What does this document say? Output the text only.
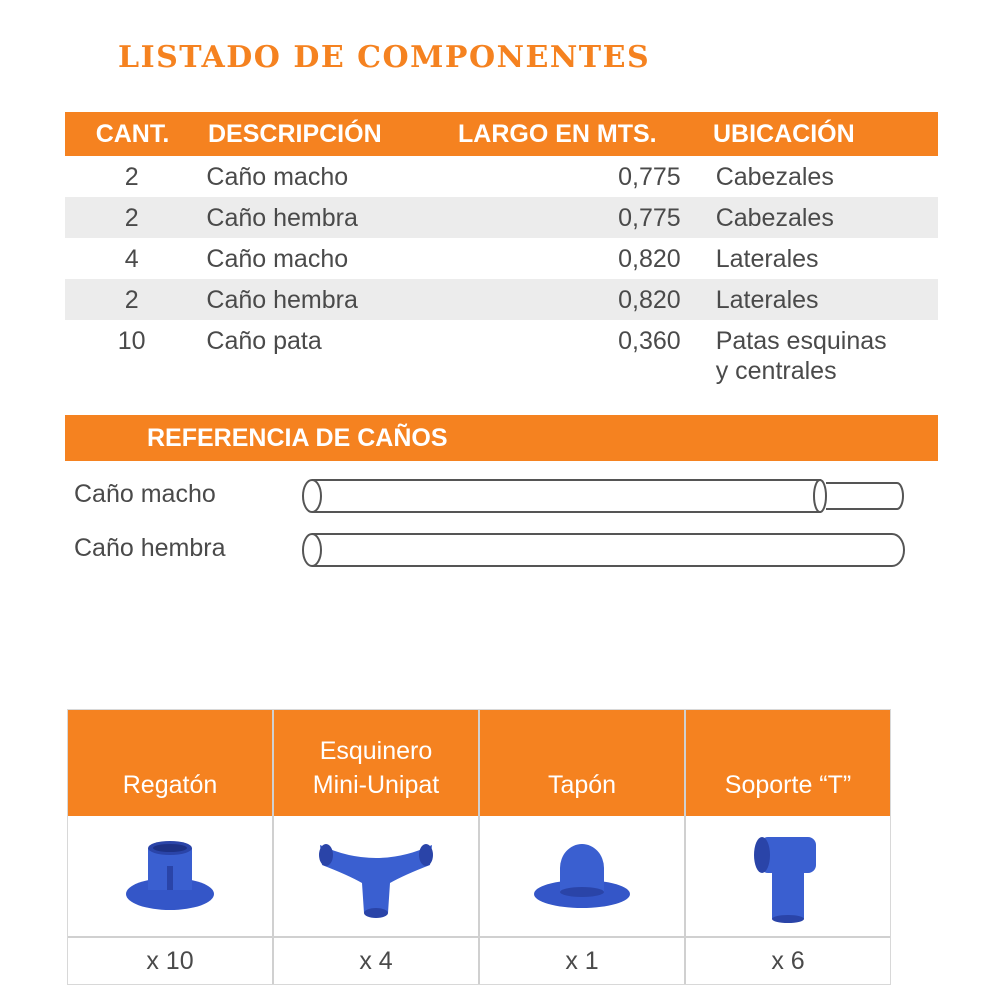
LISTADO DE COMPONENTES
CANT.	DESCRIPCIÓN	LARGO EN MTS.	UBICACIÓN
2	Caño macho	0,775	Cabezales
2	Caño hembra	0,775	Cabezales
4	Caño macho	0,820	Laterales
2	Caño hembra	0,820	Laterales
10	Caño pata	0,360 Patas esquinas
y centrales
REFERENCIA DE CAÑOS
Caño macho
Caño hembra
Regatón
x 10
Esquinero
Mini-Unipat
x 4
Tapón
x 1
Soporte “T”
x 6
